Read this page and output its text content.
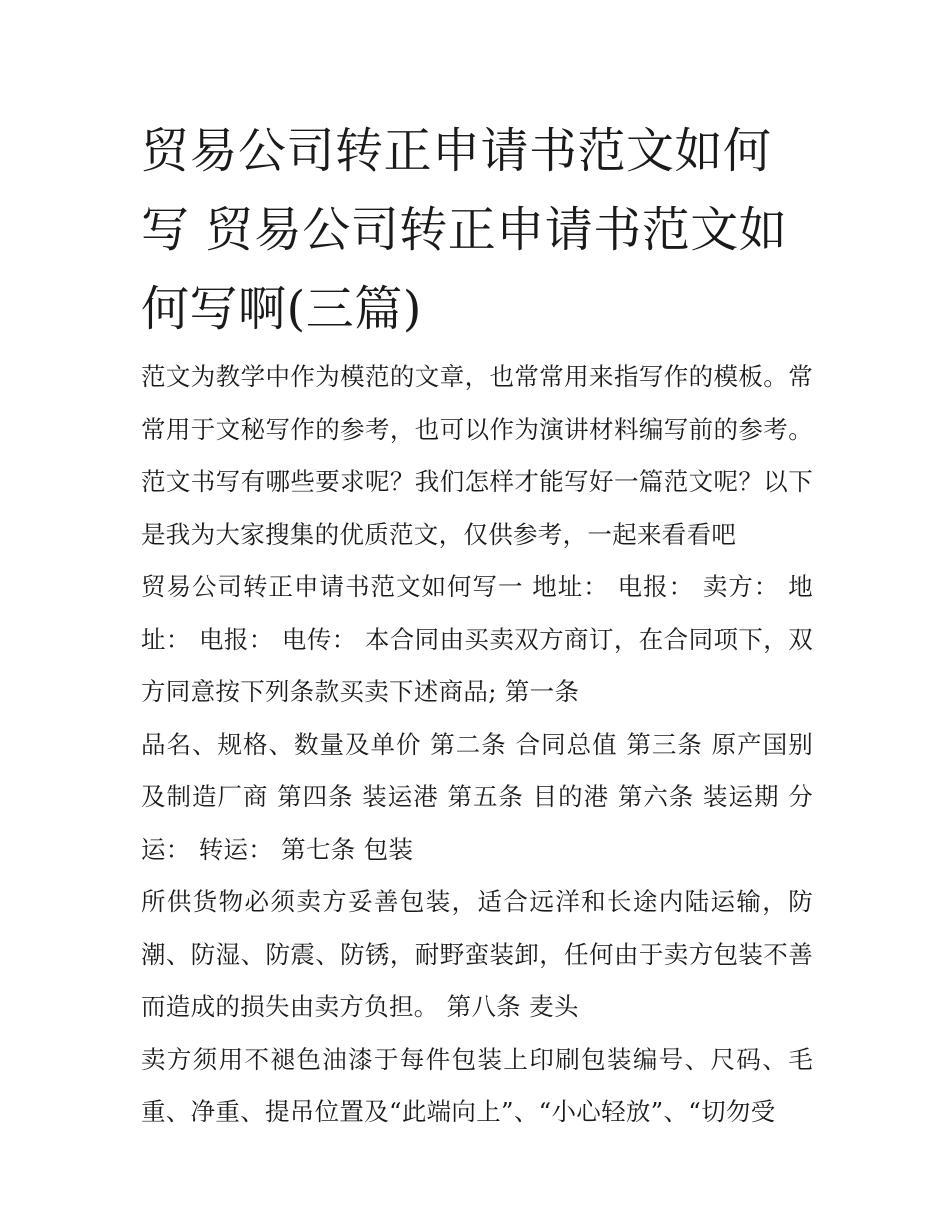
贸易公司转正申请书范文如何写 贸易公司转正申请书范文如何写啊(三篇)

范文为教学中作为模范的文章，也常常用来指写作的模板。常常用于文秘写作的参考，也可以作为演讲材料编写前的参考。范文书写有哪些要求呢？我们怎样才能写好一篇范文呢？以下是我为大家搜集的优质范文，仅供参考，一起来看看吧

贸易公司转正申请书范文如何写一 地址： 电报： 卖方： 地址： 电报： 电传： 本合同由买卖双方商订，在合同项下，双方同意按下列条款买卖下述商品; 第一条

品名、规格、数量及单价 第二条 合同总值 第三条 原产国别及制造厂商 第四条 装运港 第五条 目的港 第六条 装运期 分运： 转运： 第七条 包装

所供货物必须卖方妥善包装，适合远洋和长途内陆运输，防潮、防湿、防震、防锈，耐野蛮装卸，任何由于卖方包装不善而造成的损失由卖方负担。 第八条 麦头

卖方须用不褪色油漆于每件包装上印刷包装编号、尺码、毛重、净重、提吊位置及“此端向上”、“小心轻放”、“切勿受
